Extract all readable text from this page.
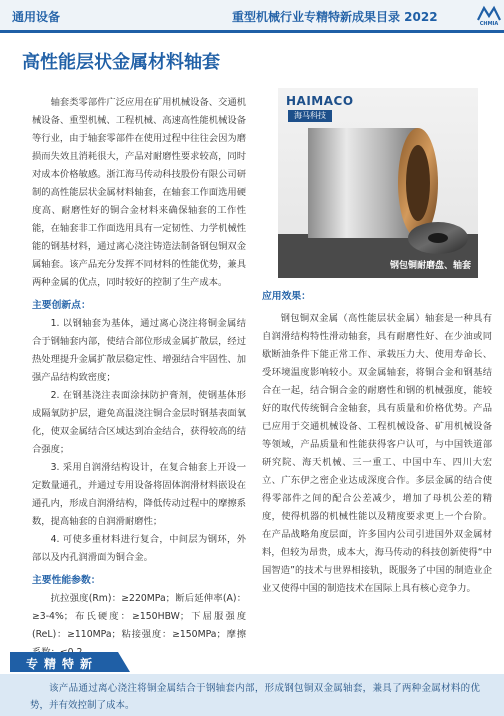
通用设备	重型机械行业专精特新成果目录 2022	CHMIA
高性能层状金属材料轴套

轴套类零部件广泛应用在矿用机械设备、交通机械设备、重型机械、工程机械、高速高性能机械设备等行业，由于轴套零部件在使用过程中往往会因为磨损而失效且消耗很大，产品对耐磨性要求较高，同时对成本价格敏感。浙江海马传动科技股份有限公司研制的高性能层状金属材料轴套，在轴套工作面选用硬度高、耐磨性好的铜合金材料来确保轴套的工作性能，在轴套非工作面选用具有一定韧性、力学机械性能的钢基材料，通过离心浇注铸造法制备钢包铜双金属轴套。该产品充分发挥不同材料的性能优势，兼具两种金属的优点，同时较好的控制了生产成本。

主要创新点：

1. 以钢轴套为基体，通过离心浇注将铜金属结合于钢轴套内部，使结合部位形成金属扩散层，经过热处理提升金属扩散层稳定性、增强结合牢固性、加强产品结构致密度；

2. 在钢基浇注表面涂抹防护膏剂，使钢基体形成隔氧防护层，避免高温浇注铜合金层时钢基表面氧化，使双金属结合区域达到冶金结合，获得较高的结合强度；

3. 采用自润滑结构设计，在复合轴套上开设一定数量通孔，并通过专用设备将固体润滑材料嵌设在通孔内，形成自润滑结构，降低传动过程中的摩擦系数，提高轴套的自润滑耐磨性；

4. 可使多重材料进行复合，中间层为钢环，外部以及内孔润滑面为铜合金。

主要性能参数：

抗拉强度(Rm)：≥220MPa；断后延伸率(A)：≥3-4%；布氏硬度：≥150HBW；下屈服强度(ReL)：≥110MPa；粘接强度：≥150MPa；摩擦

HAIMACO
海马科技
钢包铜耐磨盘、轴套
应用效果：

钢包铜双金属（高性能层状金属）轴套是一种具有自润滑结构特性滑动轴套，具有耐磨性好、在少油或同歇断油条件下能正常工作、承载压力大、使用寿命长、受环境温度影响较小。双金属轴套，将铜合金和钢基结合在一起，结合铜合金的耐磨性和钢的机械强度，能较好的取代传统铜合金轴套，具有质量和价格优势。产品已应用于交通机械设备、工程机械设备、矿用机械设备等领域，产品质量和性能获得客户认可，与中国铁道部研究院、海天机械、三一重工、中国中车、四川大宏立、广东伊之密企业达成深度合作。多层金属的结合使得零部件之间的配合公差减少，增加了母机公差的精度，使得机器的机械性能以及精度要求更上一个台阶。在产品战略角度层面，许多国内公司引进国外双金属材料，但较为昂贵，成本大，海马传动的科技创新使得“中国智造”的技术与世界相接轨，既服务了中国的制造业企业又使得中国的制造技术在国际上具有核心竞争力。

专精特新

该产品通过离心浇注将铜金属结合于钢轴套内部，形成钢包铜双金属轴套，兼具了两种金属材料的优势，并有效控制了成本。
